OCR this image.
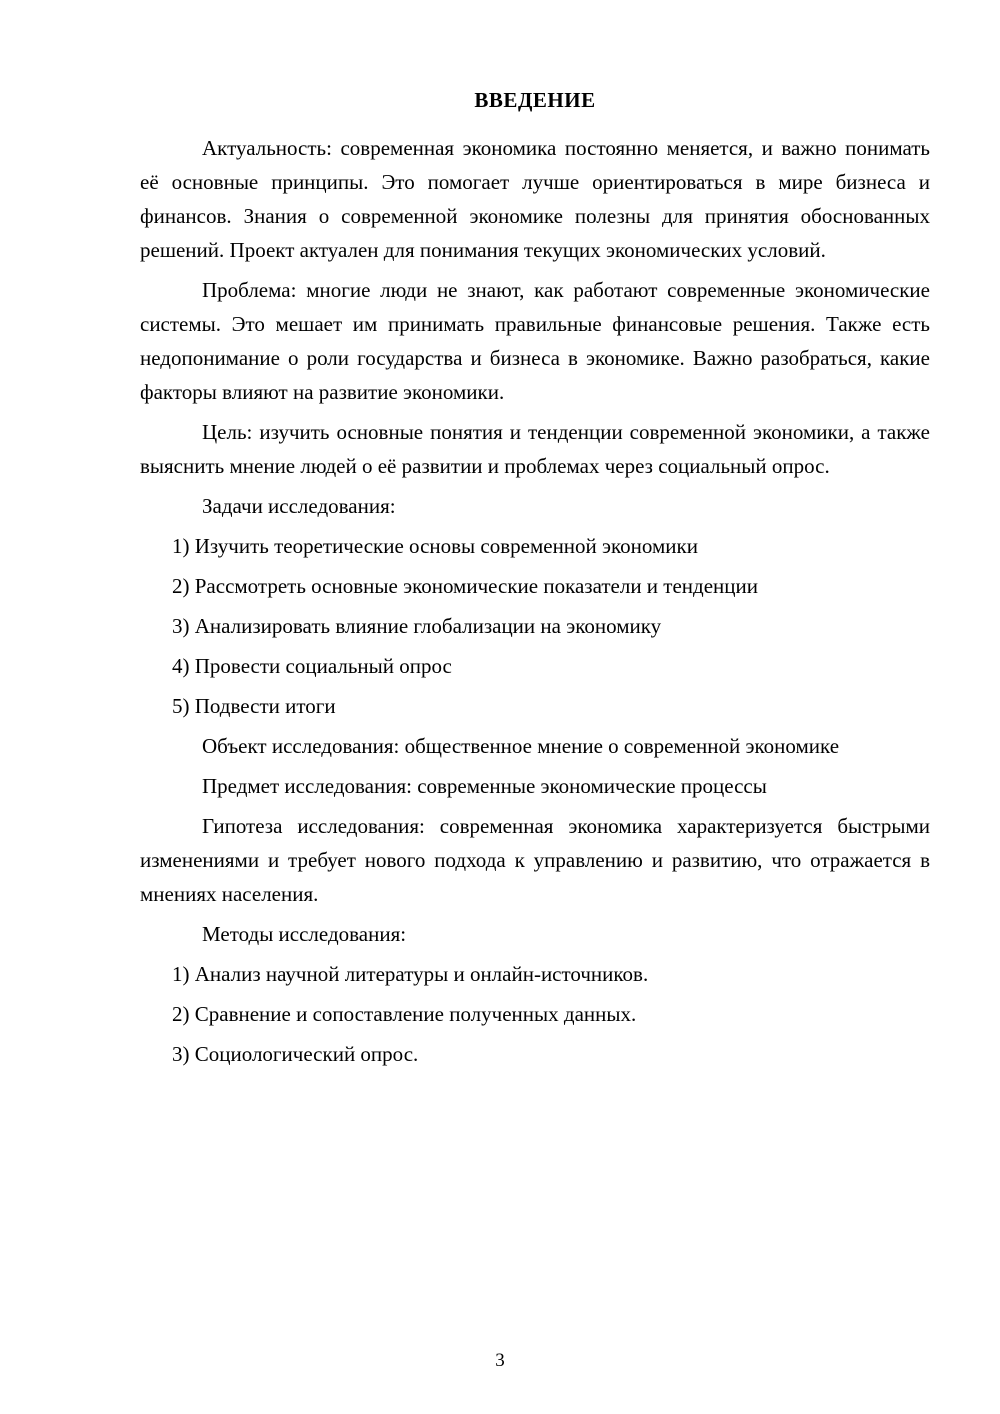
ВВЕДЕНИЕ

Актуальность: современная экономика постоянно меняется, и важно понимать её основные принципы. Это помогает лучше ориентироваться в мире бизнеса и финансов. Знания о современной экономике полезны для принятия обоснованных решений. Проект актуален для понимания текущих экономических условий.

Проблема: многие люди не знают, как работают современные экономические системы. Это мешает им принимать правильные финансовые решения. Также есть недопонимание о роли государства и бизнеса в экономике. Важно разобраться, какие факторы влияют на развитие экономики.

Цель: изучить основные понятия и тенденции современной экономики, а также выяснить мнение людей о её развитии и проблемах через социальный опрос.

Задачи исследования:

1) Изучить теоретические основы современной экономики

2) Рассмотреть основные экономические показатели и тенденции

3) Анализировать влияние глобализации на экономику

4) Провести социальный опрос

5) Подвести итоги

Объект исследования: общественное мнение о современной экономике

Предмет исследования: современные экономические процессы

Гипотеза исследования: современная экономика характеризуется быстрыми изменениями и требует нового подхода к управлению и развитию, что отражается в мнениях населения.

Методы исследования:

1) Анализ научной литературы и онлайн-источников.

2) Сравнение и сопоставление полученных данных.

3) Социологический опрос.

3
